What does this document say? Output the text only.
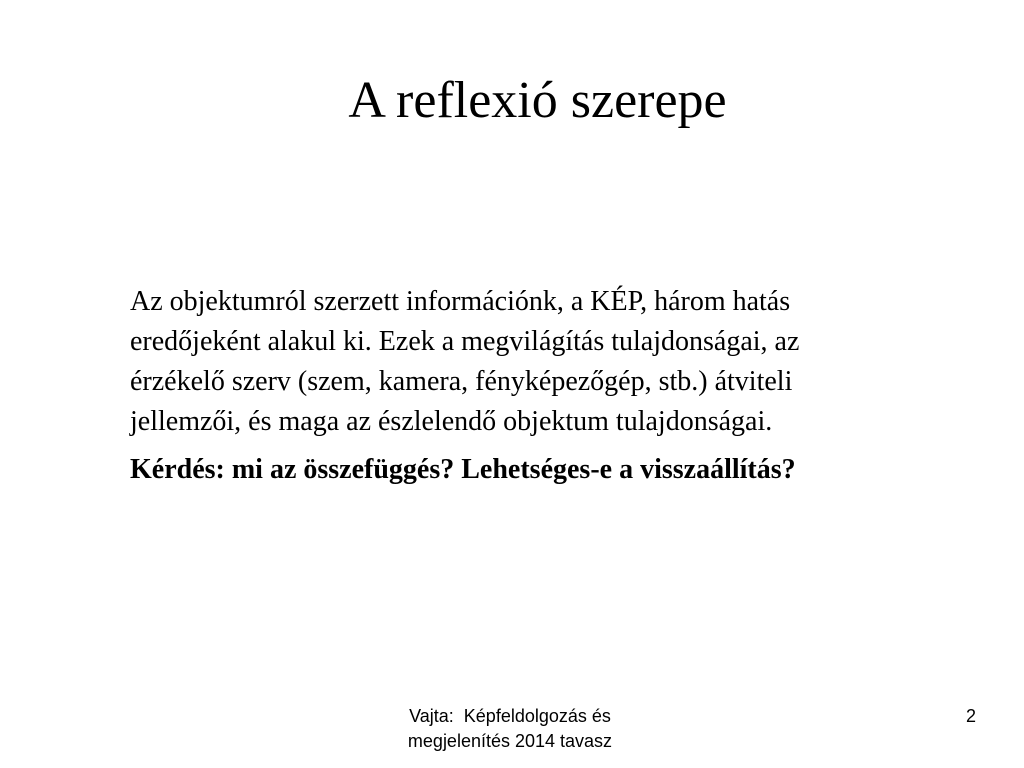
A reflexió szerepe

Az objektumról szerzett információnk, a KÉP, három hatás
eredőjeként alakul ki. Ezek a megvilágítás tulajdonságai, az
érzékelő szerv (szem, kamera, fényképezőgép, stb.) átviteli
jellemzői, és maga az észlelendő objektum tulajdonságai.

Kérdés: mi az összefüggés? Lehetséges-e a visszaállítás?

Vajta:  Képfeldolgozás és
megjelenítés 2014 tavasz
2
